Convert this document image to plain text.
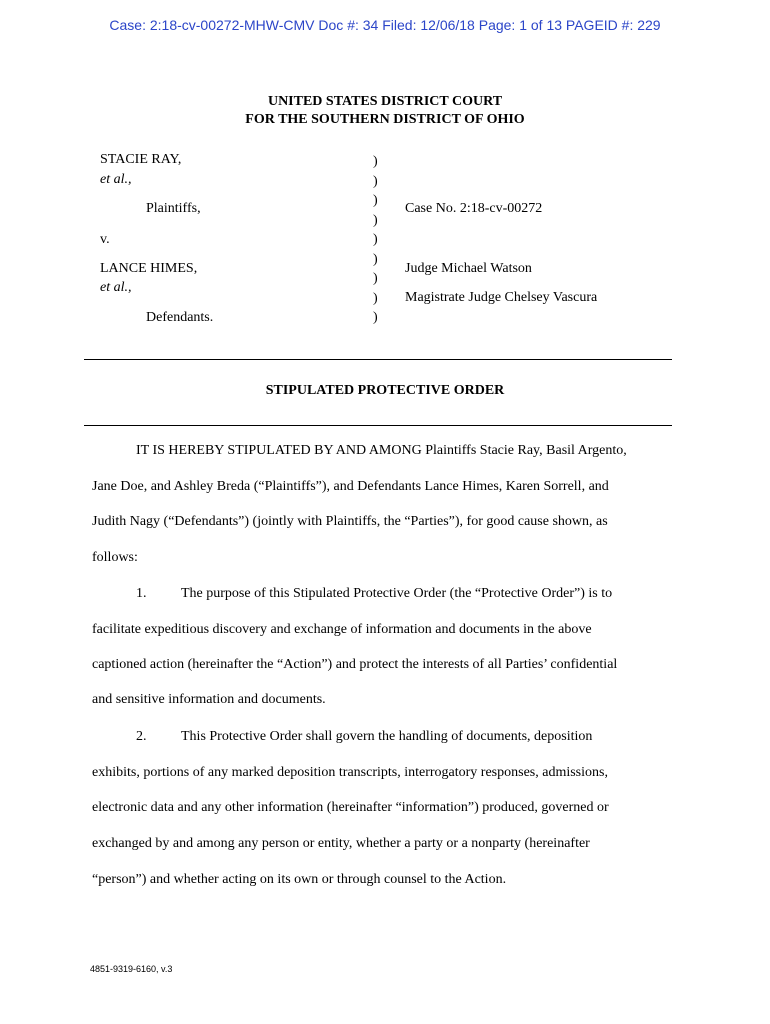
Case: 2:18-cv-00272-MHW-CMV Doc #: 34 Filed: 12/06/18 Page: 1 of 13 PAGEID #: 229
UNITED STATES DISTRICT COURT
FOR THE SOUTHERN DISTRICT OF OHIO
STACIE RAY,
et al.,
Plaintiffs,
v.
LANCE HIMES,
et al.,
Defendants.
)
)
)
)
)
)
)
)
)
Case No. 2:18-cv-00272
Judge Michael Watson
Magistrate Judge Chelsey Vascura
STIPULATED PROTECTIVE ORDER
IT IS HEREBY STIPULATED BY AND AMONG Plaintiffs Stacie Ray, Basil Argento,
Jane Doe, and Ashley Breda (“Plaintiffs”), and Defendants Lance Himes, Karen Sorrell, and
Judith Nagy (“Defendants”) (jointly with Plaintiffs, the “Parties”), for good cause shown, as
follows:
1. The purpose of this Stipulated Protective Order (the “Protective Order”) is to
facilitate expeditious discovery and exchange of information and documents in the above
captioned action (hereinafter the “Action”) and protect the interests of all Parties’ confidential
and sensitive information and documents.
2. This Protective Order shall govern the handling of documents, deposition
exhibits, portions of any marked deposition transcripts, interrogatory responses, admissions,
electronic data and any other information (hereinafter “information”) produced, governed or
exchanged by and among any person or entity, whether a party or a nonparty (hereinafter
“person”) and whether acting on its own or through counsel to the Action.
4851-9319-6160, v.3
